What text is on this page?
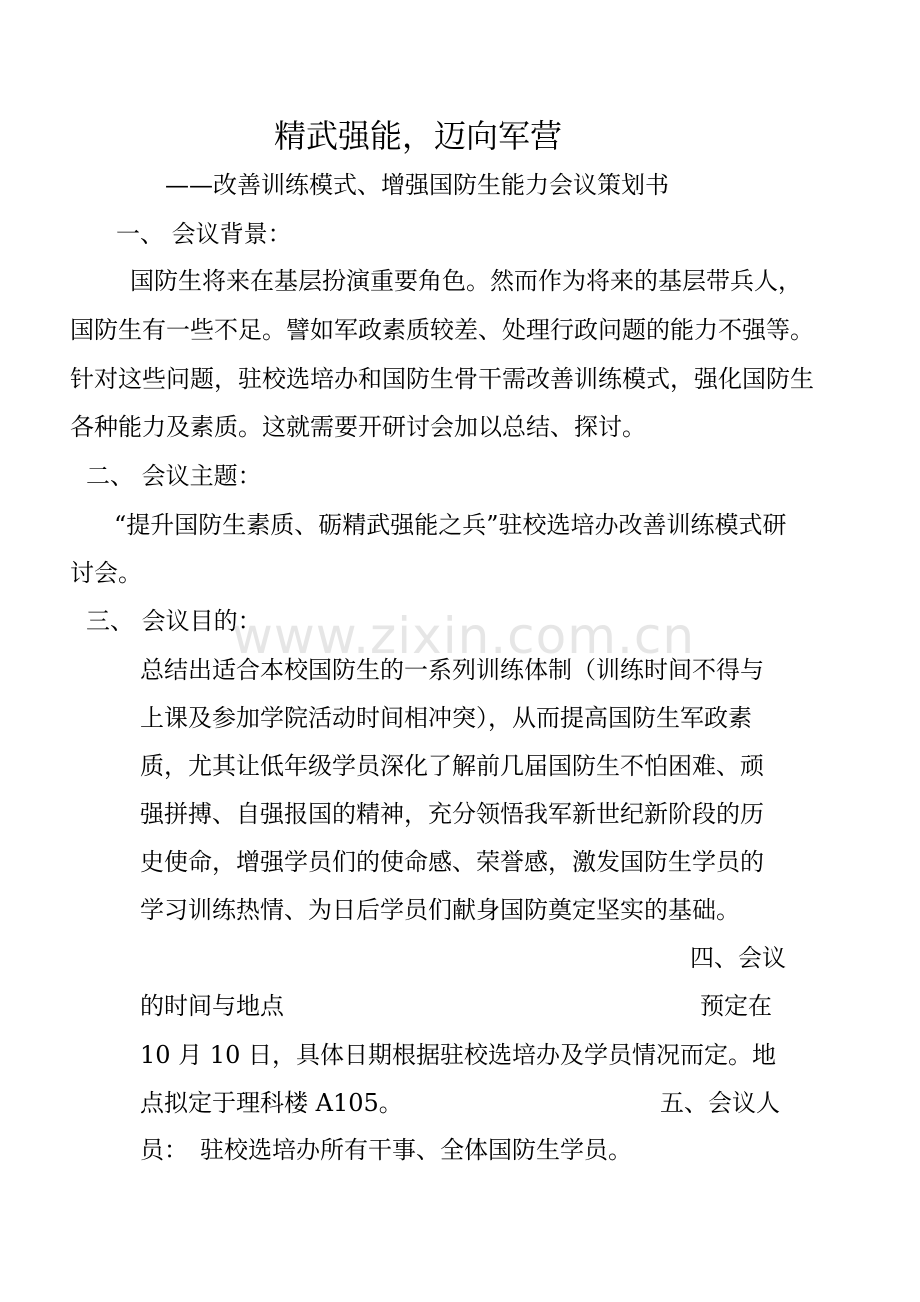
精武强能，迈向军营
——改善训练模式、增强国防生能力会议策划书
一、 会议背景：
国防生将来在基层扮演重要角色。然而作为将来的基层带兵人，
国防生有一些不足。譬如军政素质较差、处理行政问题的能力不强等。
针对这些问题，驻校选培办和国防生骨干需改善训练模式，强化国防生
各种能力及素质。这就需要开研讨会加以总结、探讨。
二、 会议主题：
“提升国防生素质、砺精武强能之兵”驻校选培办改善训练模式研
讨会。
三、 会议目的：
总结出适合本校国防生的一系列训练体制（训练时间不得与
上课及参加学院活动时间相冲突），从而提高国防生军政素
质，尤其让低年级学员深化了解前几届国防生不怕困难、顽
强拼搏、自强报国的精神，充分领悟我军新世纪新阶段的历
史使命，增强学员们的使命感、荣誉感，激发国防生学员的
学习训练热情、为日后学员们献身国防奠定坚实的基础。
四、会议
的时间与地点	预定在
10 月 10 日，具体日期根据驻校选培办及学员情况而定。地
点拟定于理科楼 A105。	五、会议人
员： 驻校选培办所有干事、全体国防生学员。
www.zixin.com.cn
